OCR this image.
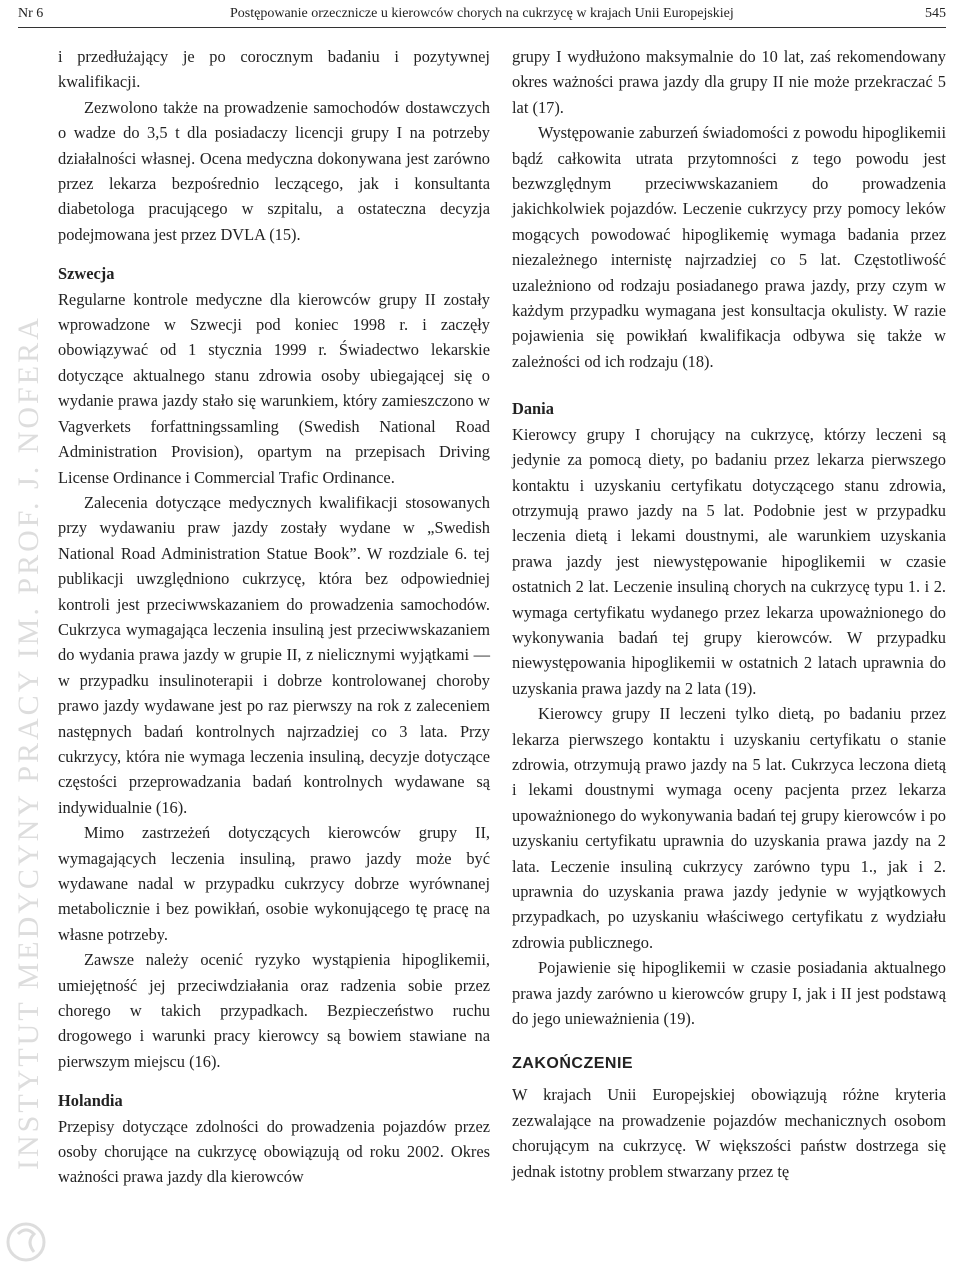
Nr 6	Postępowanie orzecznicze u kierowców chorych na cukrzycę w krajach Unii Europejskiej	545
INSTYTUT MEDYCYNY PRACY IM. PROF. J. NOFERA

i przedłużający je po corocznym badaniu i pozytywnej kwalifikacji.

Zezwolono także na prowadzenie samochodów dostawczych o wadze do 3,5 t dla posiadaczy licencji grupy I na potrzeby działalności własnej. Ocena medyczna dokonywana jest zarówno przez lekarza bezpośrednio leczącego, jak i konsultanta diabetologa pracującego w szpitalu, a ostateczna decyzja podejmowana jest przez DVLA (15).

Szwecja

Regularne kontrole medyczne dla kierowców grupy II zostały wprowadzone w Szwecji pod koniec 1998 r. i zaczęły obowiązywać od 1 stycznia 1999 r. Świadectwo lekarskie dotyczące aktualnego stanu zdrowia osoby ubiegającej się o wydanie prawa jazdy stało się warunkiem, który zamieszczono w Vagverkets forfattningssamling (Swedish National Road Administration Provision), opartym na przepisach Driving License Ordinance i Commercial Trafic Ordinance.

Zalecenia dotyczące medycznych kwalifikacji stosowanych przy wydawaniu praw jazdy zostały wydane w „Swedish National Road Administration Statue Book”. W rozdziale 6. tej publikacji uwzględniono cukrzycę, która bez odpowiedniej kontroli jest przeciwwskazaniem do prowadzenia samochodów. Cukrzyca wymagająca leczenia insuliną jest przeciwwskazaniem do wydania prawa jazdy w grupie II, z nielicznymi wyjątkami — w przypadku insulinoterapii i dobrze kontrolowanej choroby prawo jazdy wydawane jest po raz pierwszy na rok z zaleceniem następnych badań kontrolnych najrzadziej co 3 lata. Przy cukrzycy, która nie wymaga leczenia insuliną, decyzje dotyczące częstości przeprowadzania badań kontrolnych wydawane są indywidualnie (16).

Mimo zastrzeżeń dotyczących kierowców grupy II, wymagających leczenia insuliną, prawo jazdy może być wydawane nadal w przypadku cukrzycy dobrze wyrównanej metabolicznie i bez powikłań, osobie wykonującego tę pracę na własne potrzeby.

Zawsze należy ocenić ryzyko wystąpienia hipoglikemii, umiejętność jej przeciwdziałania oraz radzenia sobie przez chorego w takich przypadkach. Bezpieczeństwo ruchu drogowego i warunki pracy kierowcy są bowiem stawiane na pierwszym miejscu (16).

Holandia

Przepisy dotyczące zdolności do prowadzenia pojazdów przez osoby chorujące na cukrzycę obowiązują od roku 2002. Okres ważności prawa jazdy dla kierowców

grupy I wydłużono maksymalnie do 10 lat, zaś rekomendowany okres ważności prawa jazdy dla grupy II nie może przekraczać 5 lat (17).

Występowanie zaburzeń świadomości z powodu hipoglikemii bądź całkowita utrata przytomności z tego powodu jest bezwzględnym przeciwwskazaniem do prowadzenia jakichkolwiek pojazdów. Leczenie cukrzycy przy pomocy leków mogących powodować hipoglikemię wymaga badania przez niezależnego internistę najrzadziej co 5 lat. Częstotliwość uzależniono od rodzaju posiadanego prawa jazdy, przy czym w każdym przypadku wymagana jest konsultacja okulisty. W razie pojawienia się powikłań kwalifikacja odbywa się także w zależności od ich rodzaju (18).

Dania

Kierowcy grupy I chorujący na cukrzycę, którzy leczeni są jedynie za pomocą diety, po badaniu przez lekarza pierwszego kontaktu i uzyskaniu certyfikatu dotyczącego stanu zdrowia, otrzymują prawo jazdy na 5 lat. Podobnie jest w przypadku leczenia dietą i lekami doustnymi, ale warunkiem uzyskania prawa jazdy jest niewystępowanie hipoglikemii w czasie ostatnich 2 lat. Leczenie insuliną chorych na cukrzycę typu 1. i 2. wymaga certyfikatu wydanego przez lekarza upoważnionego do wykonywania badań tej grupy kierowców. W przypadku niewystępowania hipoglikemii w ostatnich 2 latach uprawnia do uzyskania prawa jazdy na 2 lata (19).

Kierowcy grupy II leczeni tylko dietą, po badaniu przez lekarza pierwszego kontaktu i uzyskaniu certyfikatu o stanie zdrowia, otrzymują prawo jazdy na 5 lat. Cukrzyca leczona dietą i lekami doustnymi wymaga oceny pacjenta przez lekarza upoważnionego do wykonywania badań tej grupy kierowców i po uzyskaniu certyfikatu uprawnia do uzyskania prawa jazdy na 2 lata. Leczenie insuliną cukrzycy zarówno typu 1., jak i 2. uprawnia do uzyskania prawa jazdy jedynie w wyjątkowych przypadkach, po uzyskaniu właściwego certyfikatu z wydziału zdrowia publicznego.

Pojawienie się hipoglikemii w czasie posiadania aktualnego prawa jazdy zarówno u kierowców grupy I, jak i II jest podstawą do jego unieważnienia (19).

ZAKOŃCZENIE

W krajach Unii Europejskiej obowiązują różne kryteria zezwalające na prowadzenie pojazdów mechanicznych osobom chorującym na cukrzycę. W większości państw dostrzega się jednak istotny problem stwarzany przez tę
